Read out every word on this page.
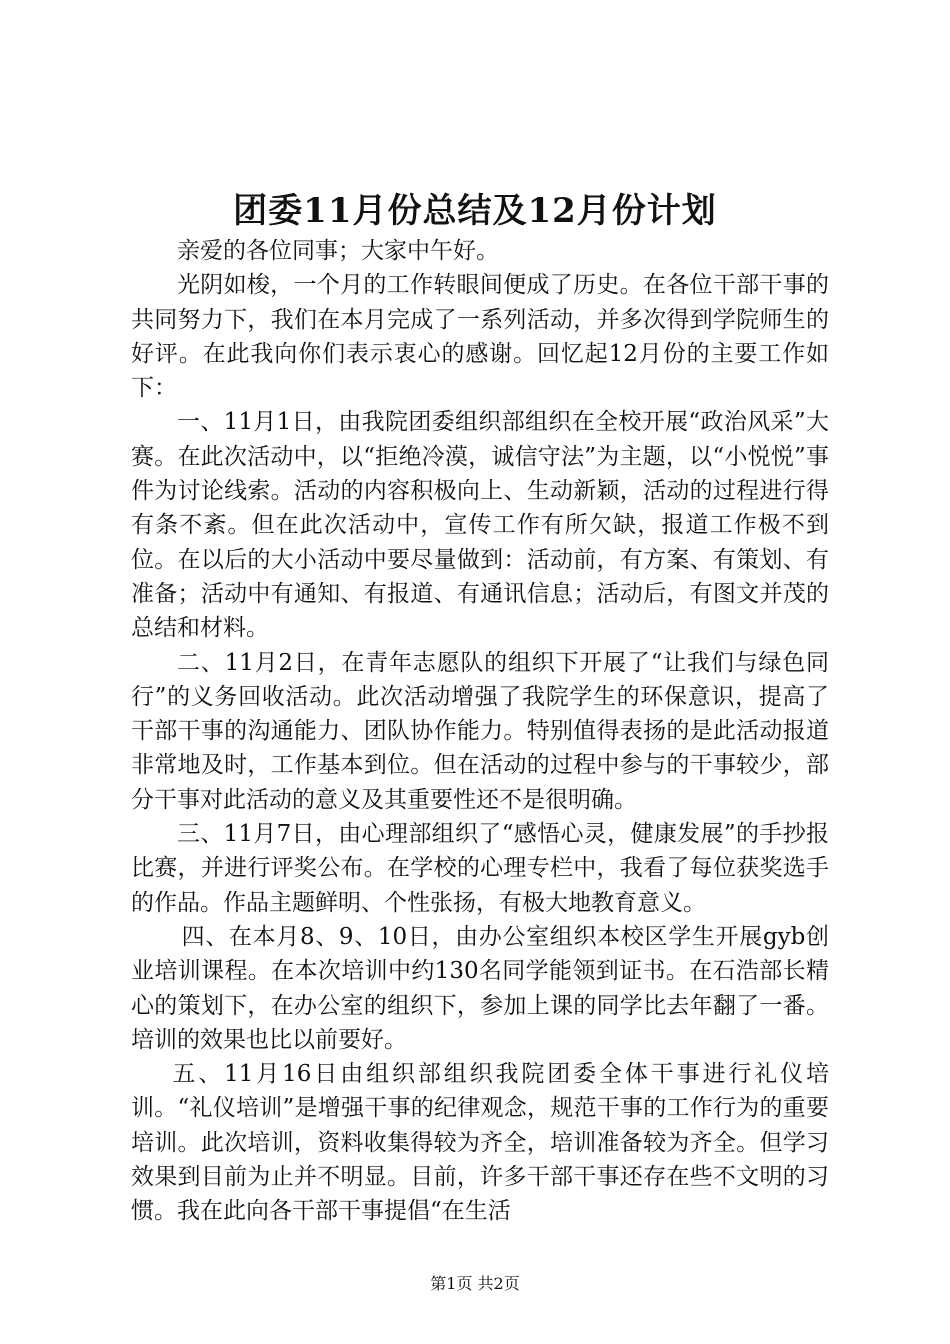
团委11月份总结及12月份计划

亲爱的各位同事；大家中午好。

光阴如梭，一个月的工作转眼间便成了历史。在各位干部干事的共同努力下，我们在本月完成了一系列活动，并多次得到学院师生的好评。在此我向你们表示衷心的感谢。回忆起12月份的主要工作如下：

一、11月1日，由我院团委组织部组织在全校开展“政治风采”大赛。在此次活动中，以“拒绝冷漠，诚信守法”为主题，以“小悦悦”事件为讨论线索。活动的内容积极向上、生动新颖，活动的过程进行得有条不紊。但在此次活动中，宣传工作有所欠缺，报道工作极不到位。在以后的大小活动中要尽量做到：活动前，有方案、有策划、有准备；活动中有通知、有报道、有通讯信息；活动后，有图文并茂的总结和材料。

二、11月2日，在青年志愿队的组织下开展了“让我们与绿色同行”的义务回收活动。此次活动增强了我院学生的环保意识，提高了干部干事的沟通能力、团队协作能力。特别值得表扬的是此活动报道非常地及时，工作基本到位。但在活动的过程中参与的干事较少，部分干事对此活动的意义及其重要性还不是很明确。

三、11月7日，由心理部组织了“感悟心灵，健康发展”的手抄报比赛，并进行评奖公布。在学校的心理专栏中，我看了每位获奖选手的作品。作品主题鲜明、个性张扬，有极大地教育意义。

四、在本月8、9、10日，由办公室组织本校区学生开展gyb创业培训课程。在本次培训中约130名同学能领到证书。在石浩部长精心的策划下，在办公室的组织下，参加上课的同学比去年翻了一番。培训的效果也比以前要好。

五、11月16日由组织部组织我院团委全体干事进行礼仪培训。“礼仪培训”是增强干事的纪律观念，规范干事的工作行为的重要培训。此次培训，资料收集得较为齐全，培训准备较为齐全。但学习效果到目前为止并不明显。目前，许多干部干事还存在些不文明的习惯。我在此向各干部干事提倡“在生活

第1页 共2页
